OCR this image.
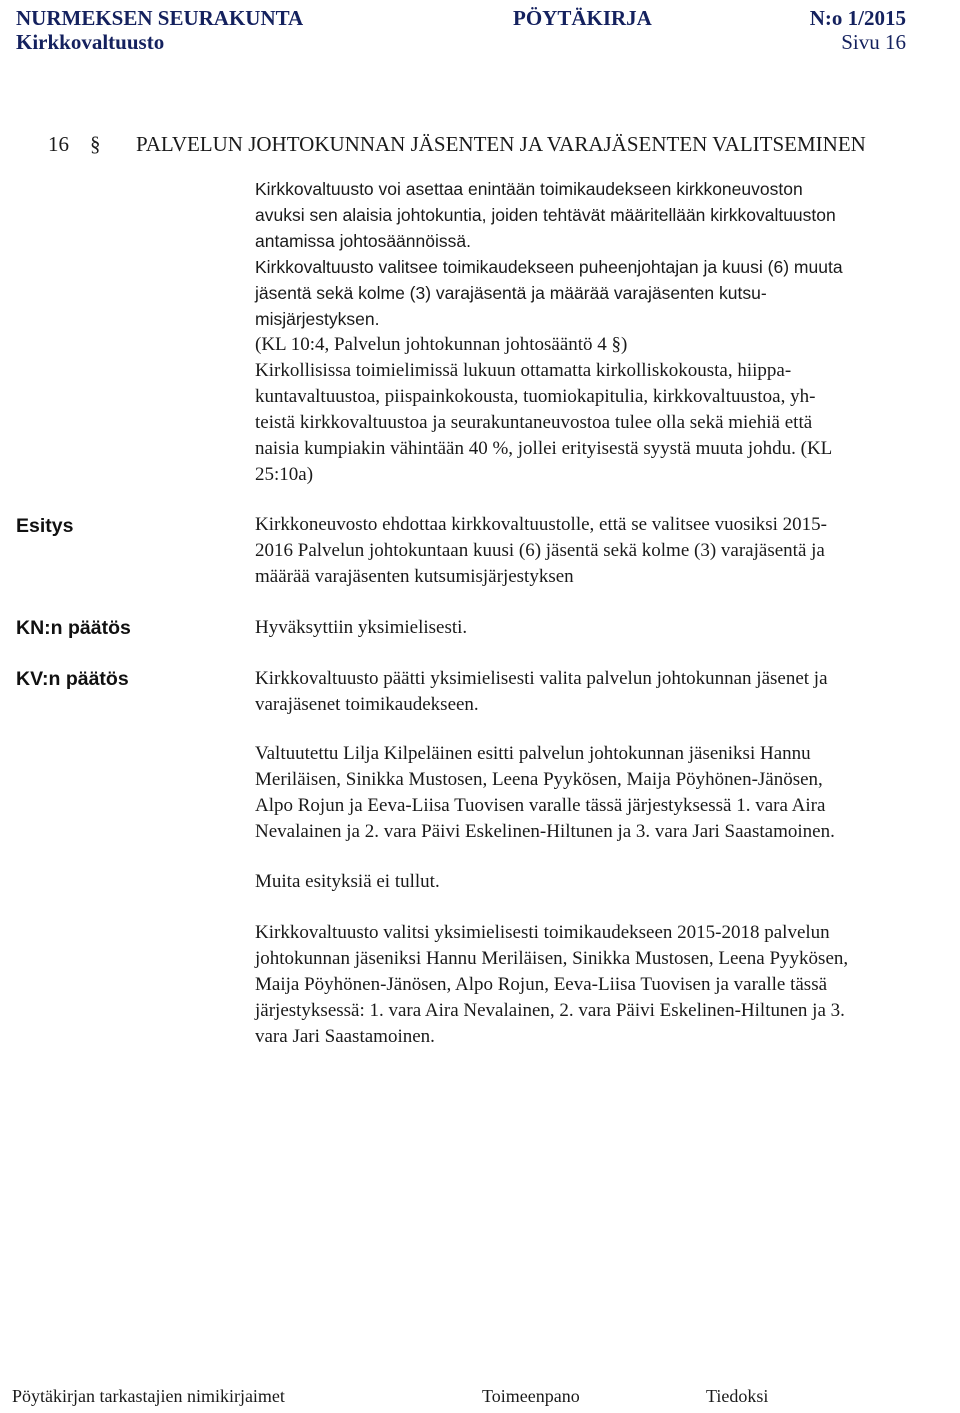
NURMEKSEN SEURAKUNTA	PÖYTÄKIRJA	N:o 1/2015
Kirkkovaltuusto	Sivu 16
16 § PALVELUN JOHTOKUNNAN JÄSENTEN JA VARAJÄSENTEN VALITSEMINEN
Kirkkovaltuusto voi asettaa enintään toimikaudekseen kirkkoneuvoston
avuksi sen alaisia johtokuntia, joiden tehtävät määritellään kirkkovaltuuston
antamissa johtosäännöissä.
Kirkkovaltuusto valitsee toimikaudekseen puheenjohtajan ja kuusi (6) muuta
jäsentä sekä kolme (3) varajäsentä ja määrää varajäsenten kutsu-
misjärjestyksen.
(KL 10:4, Palvelun johtokunnan johtosääntö 4 §)
Kirkollisissa toimielimissä lukuun ottamatta kirkolliskokousta, hiippa-
kuntavaltuustoa, piispainkokousta, tuomiokapitulia, kirkkovaltuustoa, yh-
teistä kirkkovaltuustoa ja seurakuntaneuvostoa tulee olla sekä miehiä että
naisia kumpiakin vähintään 40 %, jollei erityisestä syystä muuta johdu. (KL
25:10a)
Esitys	Kirkkoneuvosto ehdottaa kirkkovaltuustolle, että se valitsee vuosiksi 2015-
2016 Palvelun johtokuntaan kuusi (6) jäsentä sekä kolme (3) varajäsentä ja
määrää varajäsenten kutsumisjärjestyksen
KN:n päätös	Hyväksyttiin yksimielisesti.
KV:n päätös	Kirkkovaltuusto päätti yksimielisesti valita palvelun johtokunnan jäsenet ja
varajäsenet toimikaudekseen.
Valtuutettu Lilja Kilpeläinen esitti palvelun johtokunnan jäseniksi Hannu
Meriläisen, Sinikka Mustosen, Leena Pyykösen, Maija Pöyhönen-Jänösen,
Alpo Rojun ja Eeva-Liisa Tuovisen varalle tässä järjestyksessä 1. vara Aira
Nevalainen ja 2. vara Päivi Eskelinen-Hiltunen ja 3. vara Jari Saastamoinen.
Muita esityksiä ei tullut.
Kirkkovaltuusto valitsi yksimielisesti toimikaudekseen 2015-2018 palvelun
johtokunnan jäseniksi Hannu Meriläisen, Sinikka Mustosen, Leena Pyykösen,
Maija Pöyhönen-Jänösen, Alpo Rojun, Eeva-Liisa Tuovisen ja varalle tässä
järjestyksessä: 1. vara Aira Nevalainen, 2. vara Päivi Eskelinen-Hiltunen ja 3.
vara Jari Saastamoinen.
Pöytäkirjan tarkastajien nimikirjaimet	Toimeenpano	Tiedoksi
